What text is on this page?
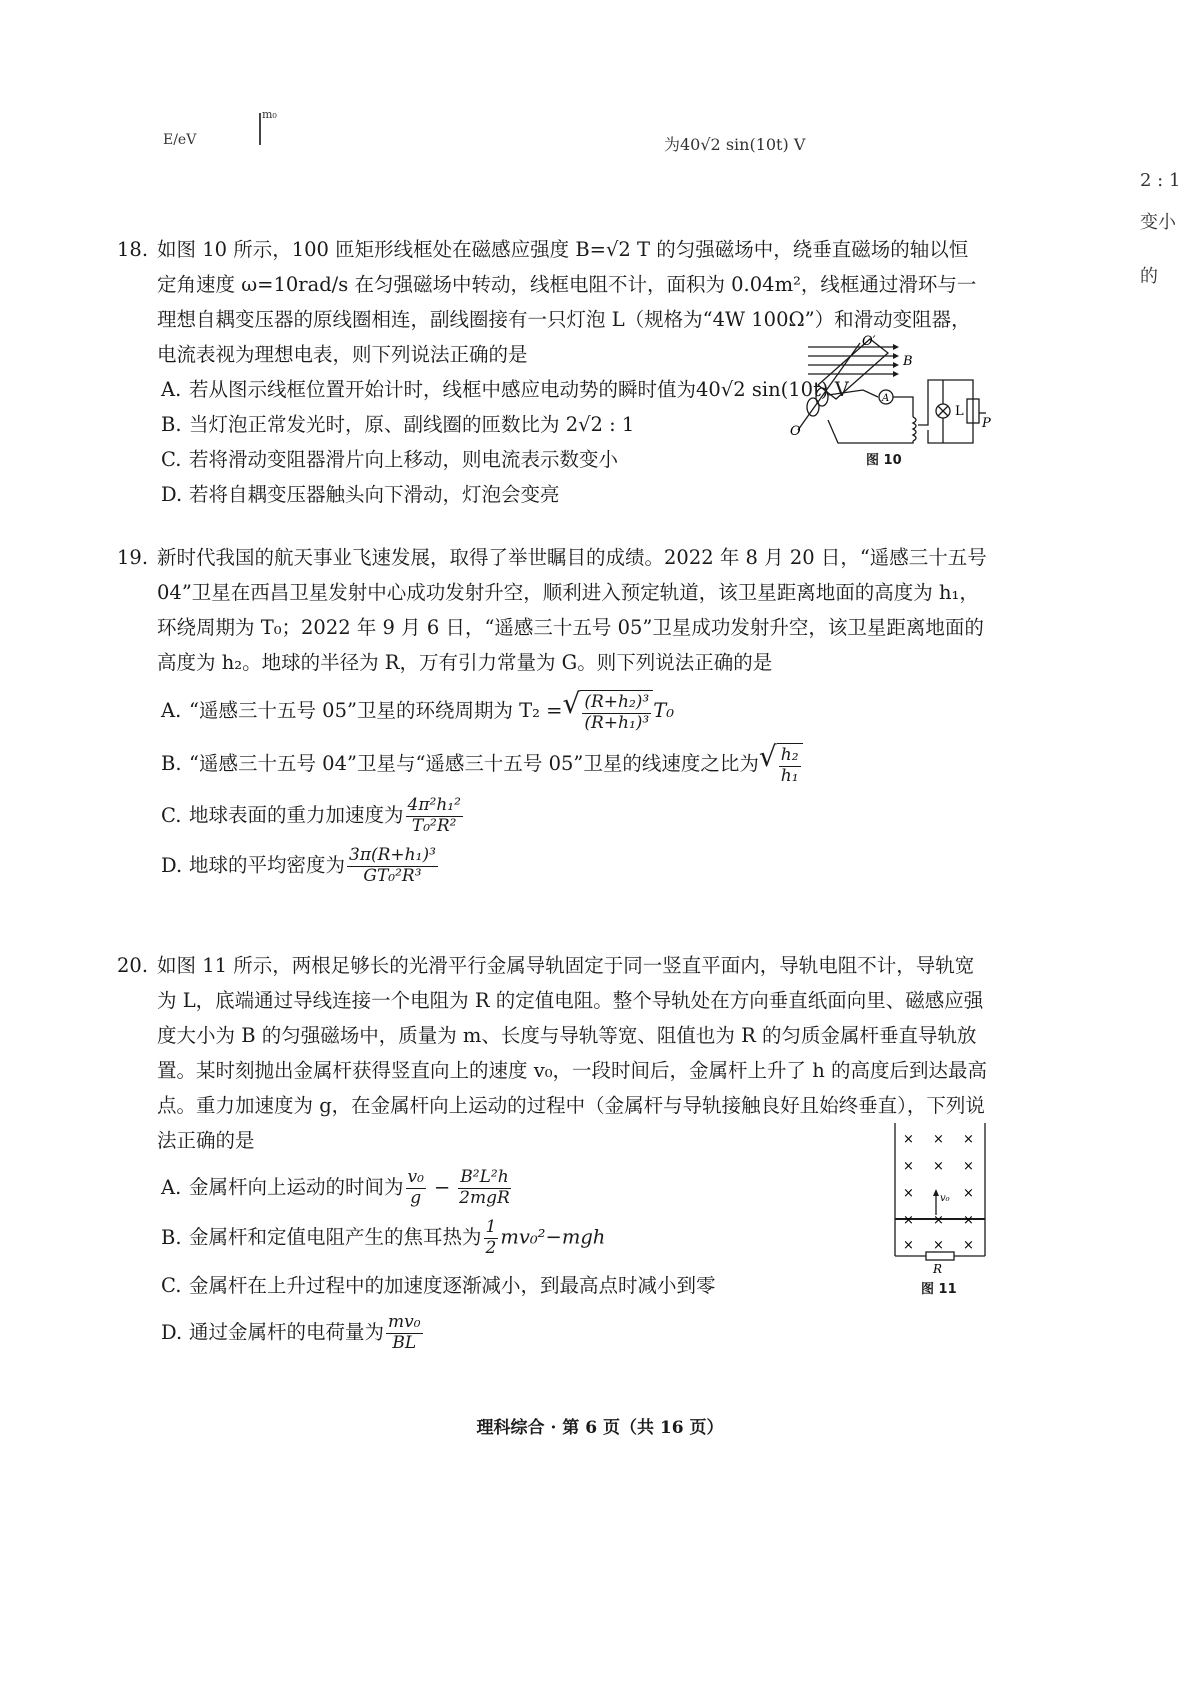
E/eV
m₀
为40√2 sin(10t) V
2 : 1
变小
的
18. 如图 10 所示，100 匝矩形线框处在磁感应强度 B=√2 T 的匀强磁场中，绕垂直磁场的轴以恒定角速度 ω=10rad/s 在匀强磁场中转动，线框电阻不计，面积为 0.04m²，线框通过滑环与一理想自耦变压器的原线圈相连，副线圈接有一只灯泡 L（规格为“4W 100Ω”）和滑动变阻器，电流表视为理想电表，则下列说法正确的是
A. 若从图示线框位置开始计时，线框中感应电动势的瞬时值为40√2 sin(10t) V
B. 当灯泡正常发光时，原、副线圈的匝数比为 2√2 : 1
C. 若将滑动变阻器滑片向上移动，则电流表示数变小
D. 若将自耦变压器触头向下滑动，灯泡会变亮
19. 新时代我国的航天事业飞速发展，取得了举世瞩目的成绩。2022 年 8 月 20 日，“遥感三十五号 04”卫星在西昌卫星发射中心成功发射升空，顺利进入预定轨道，该卫星距离地面的高度为 h₁，环绕周期为 T₀；2022 年 9 月 6 日，“遥感三十五号 05”卫星成功发射升空，该卫星距离地面的高度为 h₂。地球的半径为 R，万有引力常量为 G。则下列说法正确的是
A. “遥感三十五号 05”卫星的环绕周期为 T₂ = √ $\frac{\text{(R+h₂)³}}{\text{(R+h₁)³}} T_0$
B. “遥感三十五号 04”卫星与“遥感三十五号 05”卫星的线速度之比为 √ $\frac{\text{h₂}}{\text{h₁}}$
C. 地球表面的重力加速度为 $\frac{\text{4π²h₁²}}{\text{T₀²R²}}$
D. 地球的平均密度为 $\frac{\text{3π(R+h₁)³}}{\text{GT₀²R³}}$
20. 如图 11 所示，两根足够长的光滑平行金属导轨固定于同一竖直平面内，导轨电阻不计，导轨宽为 L，底端通过导线连接一个电阻为 R 的定值电阻。整个导轨处在方向垂直纸面向里、磁感应强度大小为 B 的匀强磁场中，质量为 m、长度与导轨等宽、阻值也为 R 的匀质金属杆垂直导轨放置。某时刻抛出金属杆获得竖直向上的速度 v₀，一段时间后，金属杆上升了 h 的高度后到达最高点。重力加速度为 g，在金属杆向上运动的过程中（金属杆与导轨接触良好且始终垂直），下列说法正确的是
A. 金属杆向上运动的时间为 $\frac{\text{v₀}}{g} - \frac{\text{B²L²h}}{\text{2mgR}}$
B. 金属杆和定值电阻产生的焦耳热为 $\frac{1}{2} mv_0^2-mgh$
C. 金属杆在上升过程中的加速度逐渐减小，到最高点时减小到零
D. 通过金属杆的电荷量为 $\frac{\text{mv₀}}{BL}$
O′
O
B
A
L
P
图 10
v₀
R
× × ×
× × ×
×	×
× × ×
× × ×
图 11
理科综合 · 第 6 页（共 16 页）
